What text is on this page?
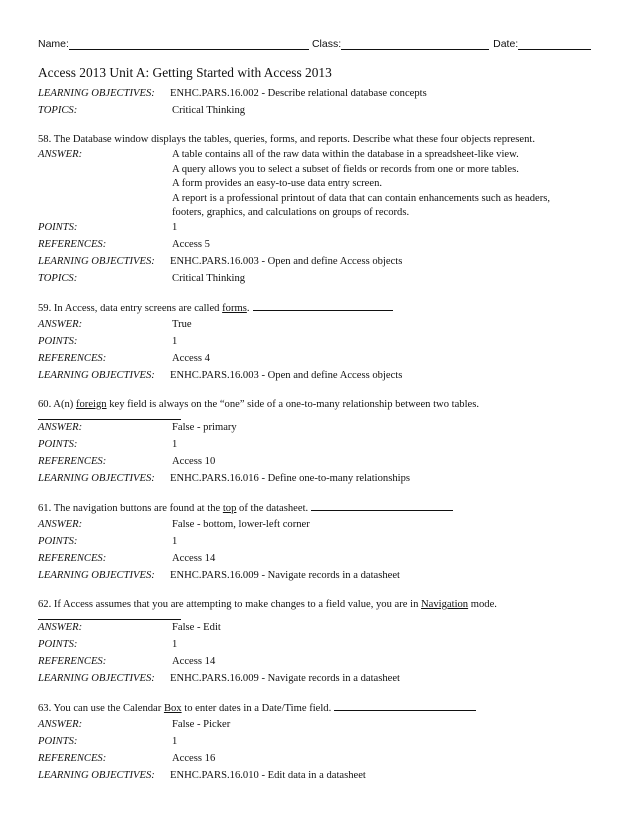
Name:	Class:	Date:
Access 2013 Unit A: Getting Started with Access 2013
LEARNING OBJECTIVES:	ENHC.PARS.16.002 - Describe relational database concepts
TOPICS:	Critical Thinking
58. The Database window displays the tables, queries, forms, and reports. Describe what these four objects represent.
ANSWER:	A table contains all of the raw data within the database in a spreadsheet-like view.
A query allows you to select a subset of fields or records from one or more tables.
A form provides an easy-to-use data entry screen.
A report is a professional printout of data that can contain enhancements such as headers,
footers, graphics, and calculations on groups of records.
POINTS:	1
REFERENCES:	Access 5
LEARNING OBJECTIVES:	ENHC.PARS.16.003 - Open and define Access objects
TOPICS:	Critical Thinking
59. In Access, data entry screens are called forms.
ANSWER:	True
POINTS:	1
REFERENCES:	Access 4
LEARNING OBJECTIVES:	ENHC.PARS.16.003 - Open and define Access objects
60. A(n) foreign key field is always on the “one” side of a one-to-many relationship between two tables.
ANSWER:	False - primary
POINTS:	1
REFERENCES:	Access 10
LEARNING OBJECTIVES:	ENHC.PARS.16.016 - Define one-to-many relationships
61. The navigation buttons are found at the top of the datasheet.
ANSWER:	False - bottom, lower-left corner
POINTS:	1
REFERENCES:	Access 14
LEARNING OBJECTIVES:	ENHC.PARS.16.009 - Navigate records in a datasheet
62. If Access assumes that you are attempting to make changes to a field value, you are in Navigation mode.
ANSWER:	False - Edit
POINTS:	1
REFERENCES:	Access 14
LEARNING OBJECTIVES:	ENHC.PARS.16.009 - Navigate records in a datasheet
63. You can use the Calendar Box to enter dates in a Date/Time field.
ANSWER:	False - Picker
POINTS:	1
REFERENCES:	Access 16
LEARNING OBJECTIVES:	ENHC.PARS.16.010 - Edit data in a datasheet
